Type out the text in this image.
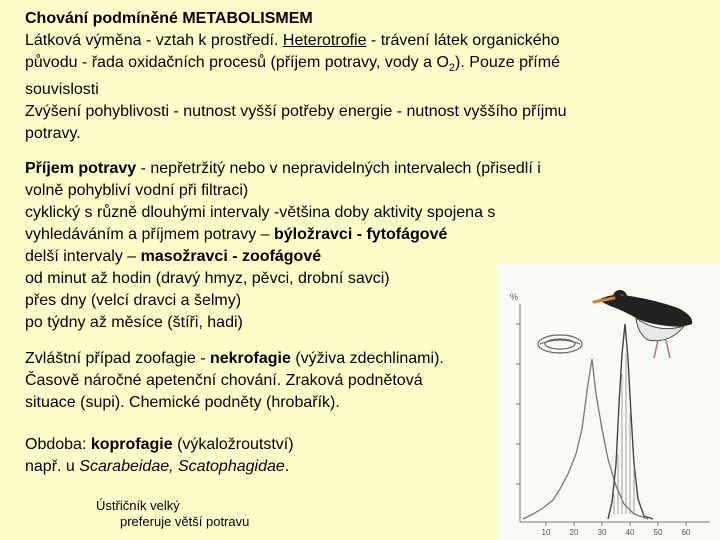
Chování podmíněné METABOLISMEM
Látková výměna - vztah k prostředí. Heterotrofie - trávení látek organického
původu - řada oxidačních procesů (příjem potravy, vody a $O_2$). Pouze přímé
souvislosti
Zvýšení pohyblivosti - nutnost vyšší potřeby energie - nutnost vyššího příjmu
potravy.
Příjem potravy - nepřetržitý nebo v nepravidelných intervalech (přisedlí i
volně pohybliví vodní při filtraci)
cyklický s různě dlouhými intervaly -většina doby aktivity spojena s
vyhledáváním a příjmem potravy – býložravci - fytofágové
delší intervaly – masožravci - zoofágové
od minut až hodin (dravý hmyz, pěvci, drobní savci)
přes dny (velcí dravci a šelmy)
po týdny až měsíce (štíři, hadi)
Zvláštní případ zoofagie - nekrofagie (výživa zdechlinami).
Časově náročné apetenční chování. Zraková podnětová
situace (supi). Chemické podněty (hrobařík).
Obdoba: koprofagie (výkaložroutství)
např. u Scarabeidae, Scatophagidae.
Ústřičník velký
preferuje větší potravu
%
10 20 30 40 50 60
